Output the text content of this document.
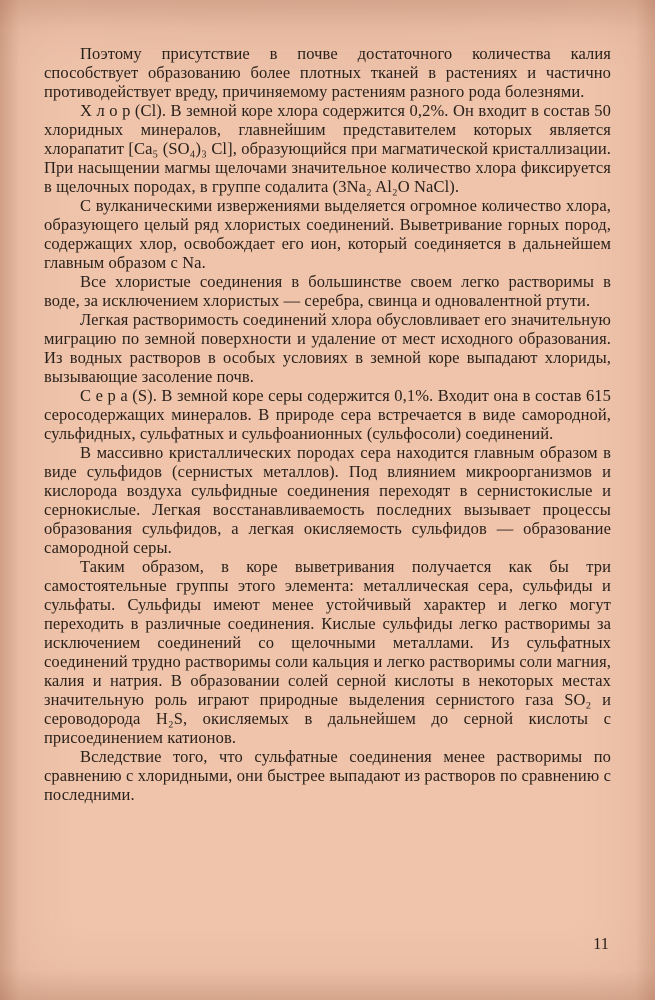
Поэтому присутствие в почве достаточного количества калия способствует образованию более плотных тканей в растениях и частично противодействует вреду, причиняемому растениям разного рода болезнями.

Х л о р (Cl). В земной коре хлора содержится 0,2%. Он входит в состав 50 хлоридных минералов, главнейшим представителем которых является хлорапатит [Ca₅ (SO₄)₃ Cl], образующийся при магматической кристаллизации. При насыщении магмы щелочами значительное количество хлора фиксируется в щелочных породах, в группе содалита (3Na₂ Al₂O NaCl).

С вулканическими извержениями выделяется огромное количество хлора, образующего целый ряд хлористых соединений. Выветривание горных пород, содержащих хлор, освобождает его ион, который соединяется в дальнейшем главным образом с Na.

Все хлористые соединения в большинстве своем легко растворимы в воде, за исключением хлористых — серебра, свинца и одновалентной ртути.

Легкая растворимость соединений хлора обусловливает его значительную миграцию по земной поверхности и удаление от мест исходного образования. Из водных растворов в особых условиях в земной коре выпадают хлориды, вызывающие засоление почв.

С е р а (S). В земной коре серы содержится 0,1%. Входит она в состав 615 серосодержащих минералов. В природе сера встречается в виде самородной, сульфидных, сульфатных и сульфоанионных (сульфосоли) соединений.

В массивно кристаллических породах сера находится главным образом в виде сульфидов (сернистых металлов). Под влиянием микроорганизмов и кислорода воздуха сульфидные соединения переходят в сернистокислые и сернокислые. Легкая восстанавливаемость последних вызывает процессы образования сульфидов, а легкая окисляемость сульфидов — образование самородной серы.

Таким образом, в коре выветривания получается как бы три самостоятельные группы этого элемента: металлическая сера, сульфиды и сульфаты. Сульфиды имеют менее устойчивый характер и легко могут переходить в различные соединения. Кислые сульфиды легко растворимы за исключением соединений со щелочными металлами. Из сульфатных соединений трудно растворимы соли кальция и легко растворимы соли магния, калия и натрия. В образовании солей серной кислоты в некоторых местах значительную роль играют природные выделения сернистого газа SO₂ и сероводорода H₂S, окисляемых в дальнейшем до серной кислоты с присоединением катионов.

Вследствие того, что сульфатные соединения менее растворимы по сравнению с хлоридными, они быстрее выпадают из растворов по сравнению с последними.

11
